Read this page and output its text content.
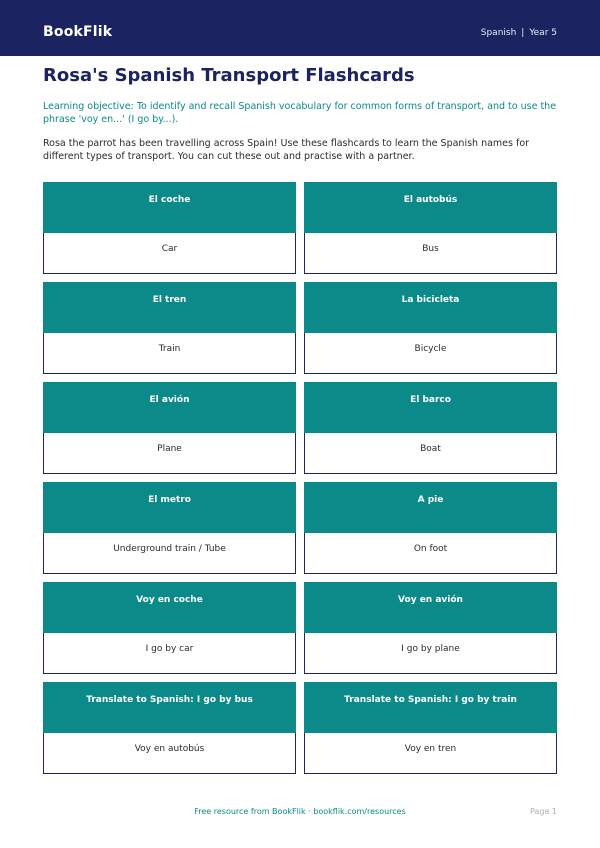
BookFlik	Spanish | Year 5
Rosa's Spanish Transport Flashcards

Learning objective: To identify and recall Spanish vocabulary for common forms of transport, and to use the phrase 'voy en...' (I go by...).

Rosa the parrot has been travelling across Spain! Use these flashcards to learn the Spanish names for different types of transport. You can cut these out and practise with a partner.

El coche
Car
El autobús
Bus
El tren
Train
La bicicleta
Bicycle
El avión
Plane
El barco
Boat
El metro
Underground train / Tube
A pie
On foot
Voy en coche
I go by car
Voy en avión
I go by plane
Translate to Spanish: I go by bus
Voy en autobús
Translate to Spanish: I go by train
Voy en tren
Free resource from BookFlik · bookflik.com/resources	Page 1
